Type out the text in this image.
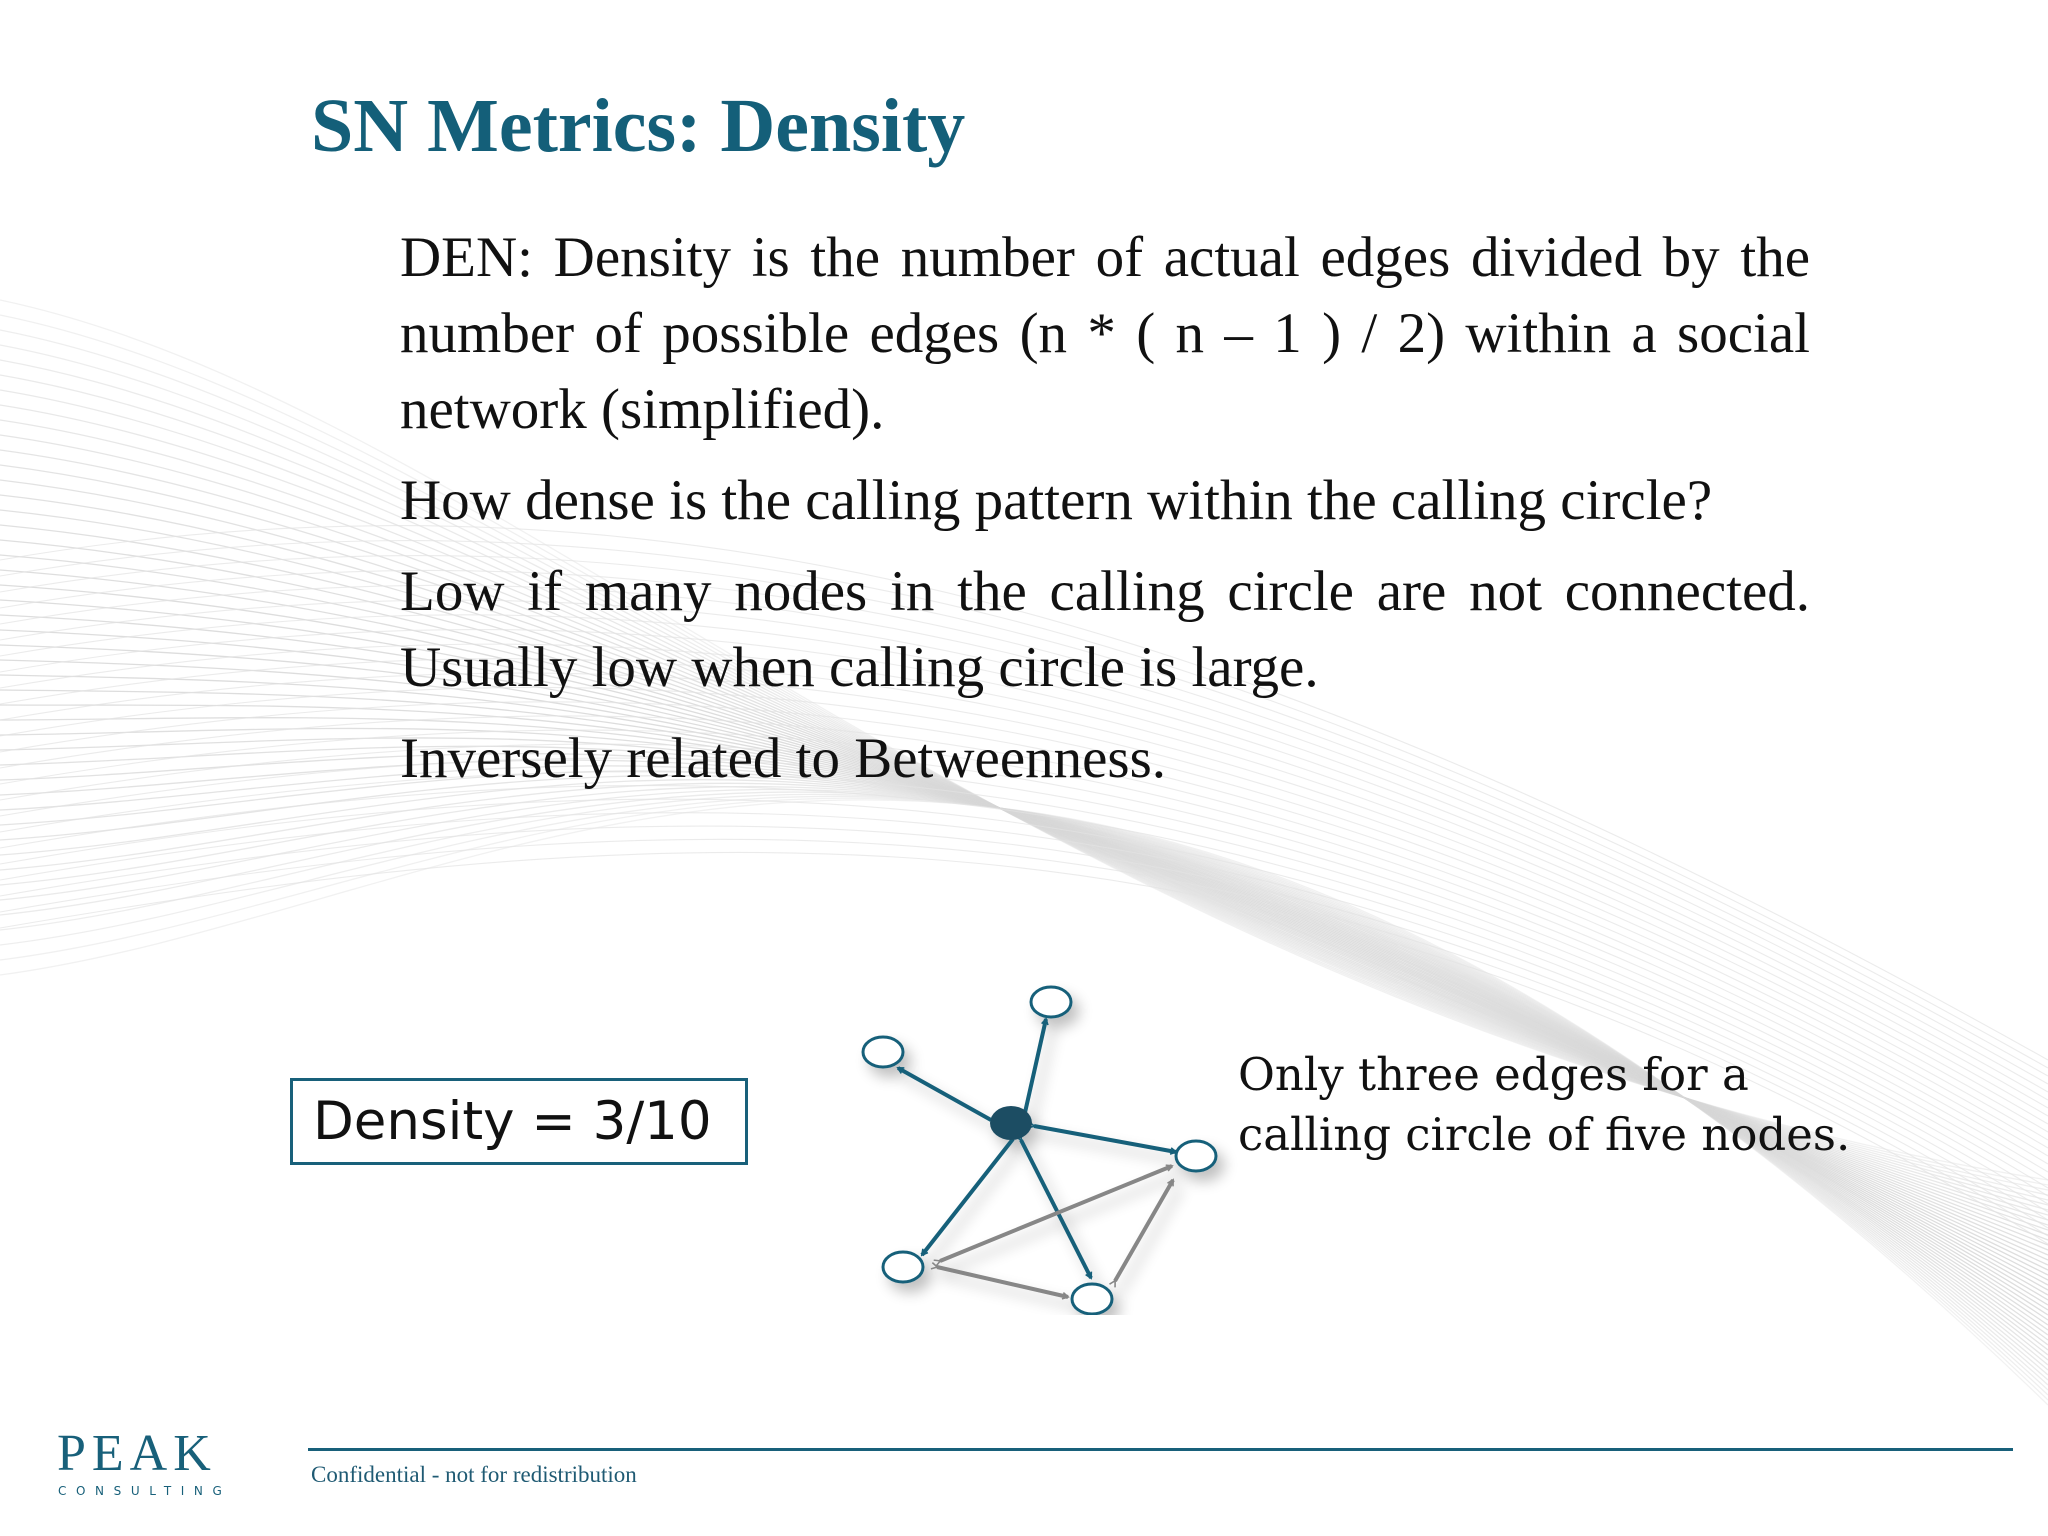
SN Metrics: Density

DEN: Density is the number of actual edges divided by the number of possible edges (n * ( n – 1 ) / 2) within a social network (simplified).

How dense is the calling pattern within the calling circle?

Low if many nodes in the calling circle are not connected. Usually low when calling circle is large.

Inversely related to Betweenness.

Density = 3/10
Only three edges for a
calling circle of five nodes.
PEAK
CONSULTING
Confidential - not for redistribution
